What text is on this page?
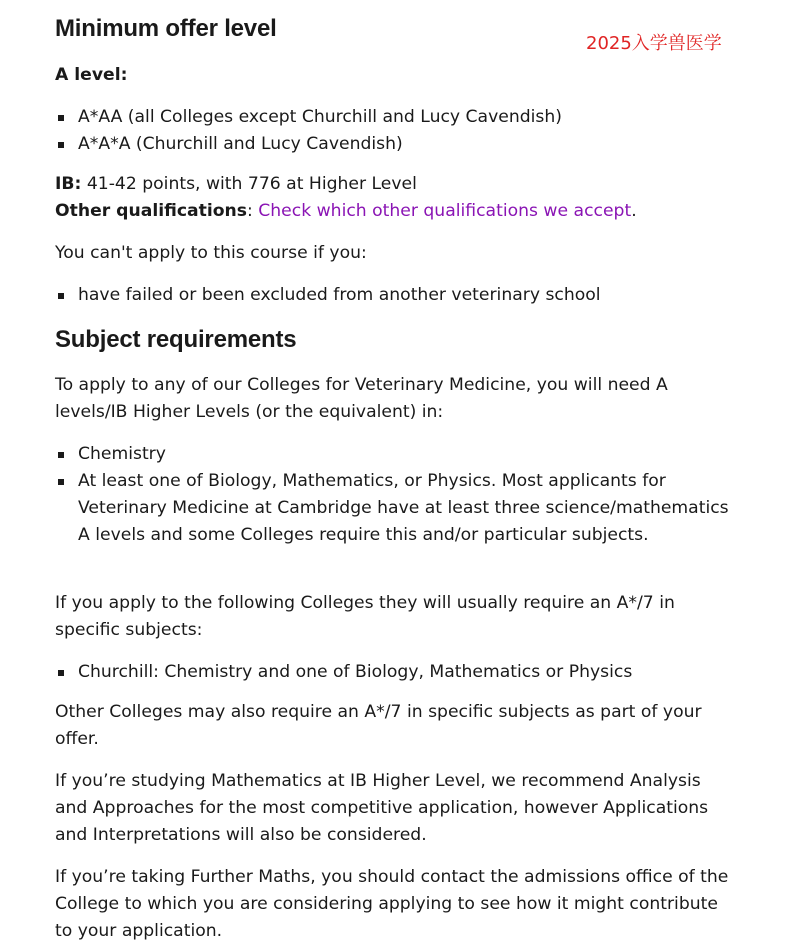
2025入学兽医学
Minimum offer level
A level:
A*AA (all Colleges except Churchill and Lucy Cavendish)
A*A*A (Churchill and Lucy Cavendish)
IB: 41-42 points, with 776 at Higher Level
Other qualifications: Check which other qualifications we accept.
You can't apply to this course if you:
have failed or been excluded from another veterinary school
Subject requirements
To apply to any of our Colleges for Veterinary Medicine, you will need A levels/IB Higher Levels (or the equivalent) in:
Chemistry
At least one of Biology, Mathematics, or Physics. Most applicants for Veterinary Medicine at Cambridge have at least three science/mathematics A levels and some Colleges require this and/or particular subjects.
If you apply to the following Colleges they will usually require an A*/7 in specific subjects:
Churchill: Chemistry and one of Biology, Mathematics or Physics
Other Colleges may also require an A*/7 in specific subjects as part of your offer.
If you’re studying Mathematics at IB Higher Level, we recommend Analysis and Approaches for the most competitive application, however Applications and Interpretations will also be considered.
If you’re taking Further Maths, you should contact the admissions office of the College to which you are considering applying to see how it might contribute to your application.
